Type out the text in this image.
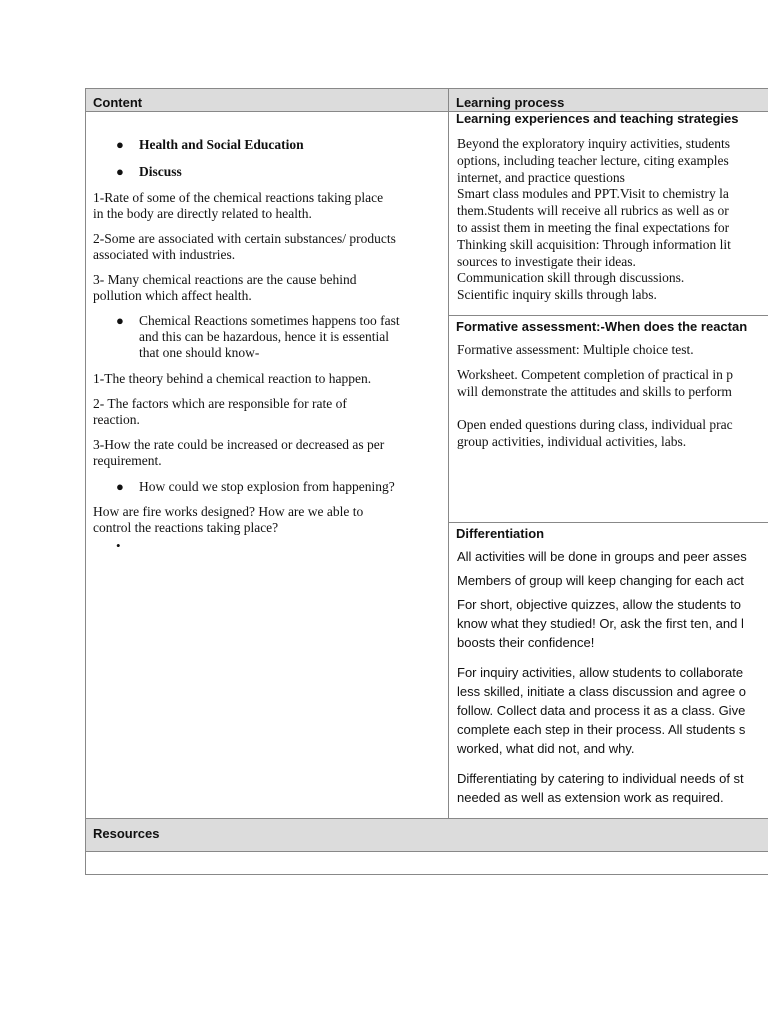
Content	Learning process
Resources

● Health and Social Education

● Discuss

1-Rate of some of the chemical reactions taking place
in the body are directly related to health.
2-Some are associated with certain substances/ products
associated with industries.
3- Many chemical reactions are the cause behind
pollution which affect health.
● Chemical Reactions sometimes happens too fast
and this can be hazardous, hence it is essential
that one should know-
1-The theory behind a chemical reaction to happen.
2- The factors which are responsible for rate of
reaction.
3-How the rate could be increased or decreased as per
requirement.
● How could we stop explosion from happening?
How are fire works designed? How are we able to
control the reactions taking place?
•

Learning experiences and teaching strategies
Beyond the exploratory inquiry activities, students
options, including teacher lecture, citing examples
internet, and practice questions
Smart class modules and PPT.Visit to chemistry la
them.Students will receive all rubrics as well as or
to assist them in meeting the final expectations for
Thinking skill acquisition: Through information lit
sources to investigate their ideas.
Communication skill through discussions.
Scientific inquiry skills through labs.
Formative assessment:-When does the reactan
Formative assessment: Multiple choice test.
Worksheet. Competent completion of practical in p
will demonstrate the attitudes and skills to perform
Open ended questions during class, individual prac
group activities, individual activities, labs.
Differentiation
All activities will be done in groups and peer asses
Members of group will keep changing for each act
For short, objective quizzes, allow the students to
know what they studied! Or, ask the first ten, and l
boosts their confidence!
For inquiry activities, allow students to collaborate
less skilled, initiate a class discussion and agree o
follow. Collect data and process it as a class. Give
complete each step in their process. All students s
worked, what did not, and why.
Differentiating by catering to individual needs of st
needed as well as extension work as required.
